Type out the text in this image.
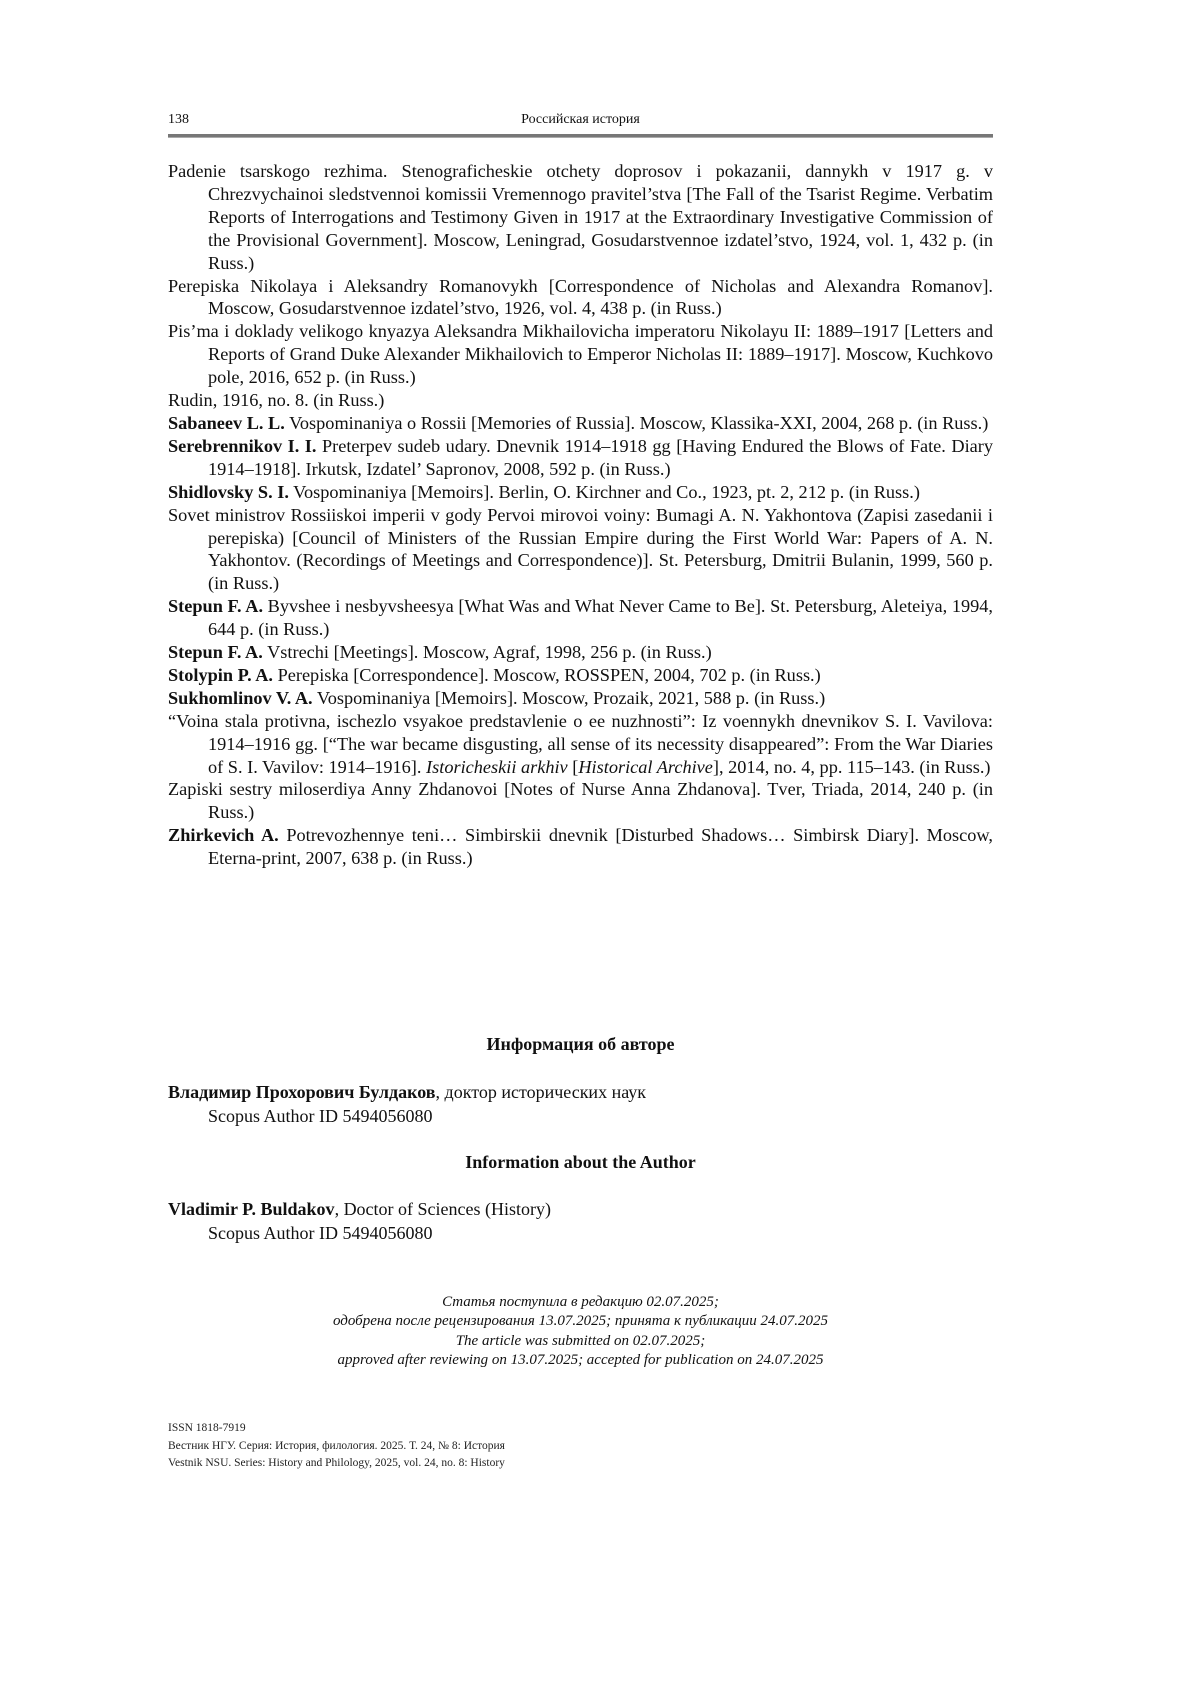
138	Российская история

Padenie tsarskogo rezhima. Stenograficheskie otchety doprosov i pokazanii, dannykh v 1917 g. v Chrezvychainoi sledstvennoi komissii Vremennogo pravitel’stva [The Fall of the Tsarist Regime. Verbatim Reports of Interrogations and Testimony Given in 1917 at the Extraordinary Investigative Commission of the Provisional Government]. Moscow, Leningrad, Gosudarstvennoe izdatel’stvo, 1924, vol. 1, 432 p. (in Russ.)

Perepiska Nikolaya i Aleksandry Romanovykh [Correspondence of Nicholas and Alexandra Romanov]. Moscow, Gosudarstvennoe izdatel’stvo, 1926, vol. 4, 438 p. (in Russ.)

Pis’ma i doklady velikogo knyazya Aleksandra Mikhailovicha imperatoru Nikolayu II: 1889–1917 [Letters and Reports of Grand Duke Alexander Mikhailovich to Emperor Nicholas II: 1889–1917]. Moscow, Kuchkovo pole, 2016, 652 p. (in Russ.)

Rudin, 1916, no. 8. (in Russ.)

Sabaneev L. L. Vospominaniya o Rossii [Memories of Russia]. Moscow, Klassika-XXI, 2004, 268 p. (in Russ.)

Serebrennikov I. I. Preterpev sudeb udary. Dnevnik 1914–1918 gg [Having Endured the Blows of Fate. Diary 1914–1918]. Irkutsk, Izdatel’ Sapronov, 2008, 592 p. (in Russ.)

Shidlovsky S. I. Vospominaniya [Memoirs]. Berlin, O. Kirchner and Co., 1923, pt. 2, 212 p. (in Russ.)

Sovet ministrov Rossiiskoi imperii v gody Pervoi mirovoi voiny: Bumagi A. N. Yakhontova (Zapisi zasedanii i perepiska) [Council of Ministers of the Russian Empire during the First World War: Papers of A. N. Yakhontov. (Recordings of Meetings and Correspondence)]. St. Petersburg, Dmitrii Bulanin, 1999, 560 p. (in Russ.)

Stepun F. A. Byvshee i nesbyvsheesya [What Was and What Never Came to Be]. St. Petersburg, Aleteiya, 1994, 644 p. (in Russ.)

Stepun F. A. Vstrechi [Meetings]. Moscow, Agraf, 1998, 256 p. (in Russ.)

Stolypin P. A. Perepiska [Correspondence]. Moscow, ROSSPEN, 2004, 702 p. (in Russ.)

Sukhomlinov V. A. Vospominaniya [Memoirs]. Moscow, Prozaik, 2021, 588 p. (in Russ.)

“Voina stala protivna, ischezlo vsyakoe predstavlenie o ee nuzhnosti”: Iz voennykh dnevnikov S. I. Vavilova: 1914–1916 gg. [“The war became disgusting, all sense of its necessity disappeared”: From the War Diaries of S. I. Vavilov: 1914–1916]. Istoricheskii arkhiv [Historical Archive], 2014, no. 4, pp. 115–143. (in Russ.)

Zapiski sestry miloserdiya Anny Zhdanovoi [Notes of Nurse Anna Zhdanova]. Tver, Triada, 2014, 240 p. (in Russ.)

Zhirkevich A. Potrevozhennye teni… Simbirskii dnevnik [Disturbed Shadows… Simbirsk Diary]. Moscow, Eterna-print, 2007, 638 p. (in Russ.)

Информация об авторе
Владимир Прохорович Булдаков, доктор исторических наук
Scopus Author ID 5494056080
Information about the Author
Vladimir P. Buldakov, Doctor of Sciences (History)
Scopus Author ID 5494056080
Статья поступила в редакцию 02.07.2025;
одобрена после рецензирования 13.07.2025; принята к публикации 24.07.2025
The article was submitted on 02.07.2025;
approved after reviewing on 13.07.2025; accepted for publication on 24.07.2025
ISSN 1818-7919
Вестник НГУ. Серия: История, филология. 2025. Т. 24, № 8: История
Vestnik NSU. Series: History and Philology, 2025, vol. 24, no. 8: History
